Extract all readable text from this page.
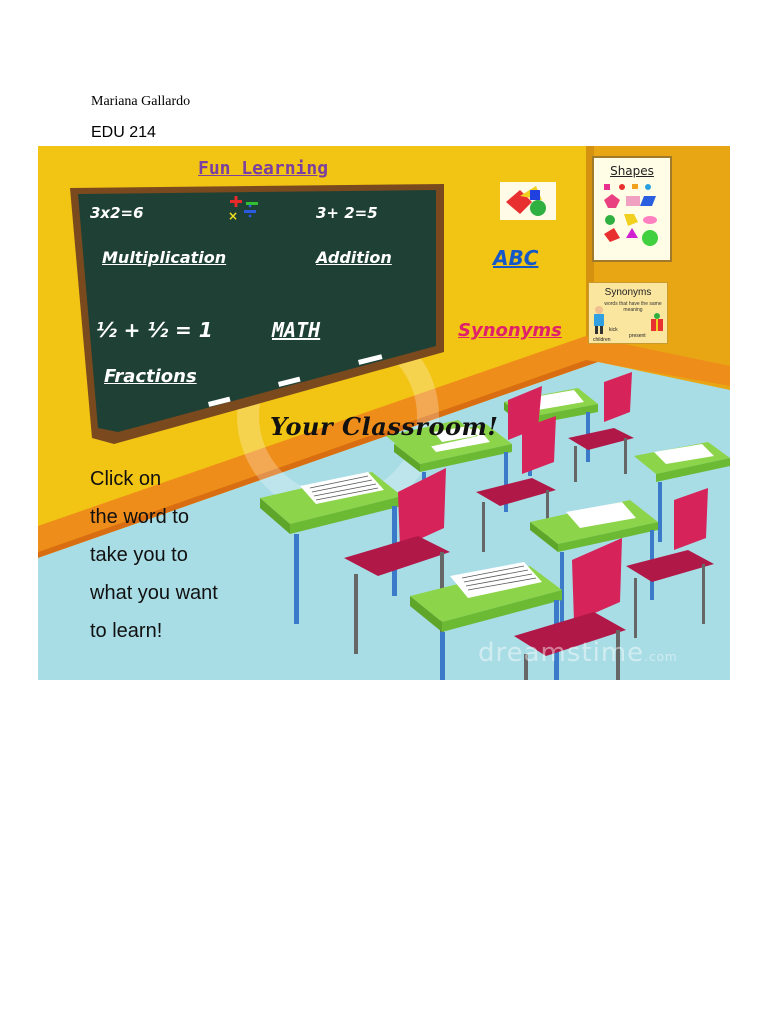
Mariana Gallardo
EDU 214
×
Fun Learning
3x2=6	3+ 2=5
Multiplication	Addition
½ + ½ = 1	MATH
Fractions
ABC
Synonyms
Shapes
Synonyms
words that have the same meaning
kick
present
children
Your Classroom!
Click on
the word to
take you to
what you want
to learn!
dreamstime.com
